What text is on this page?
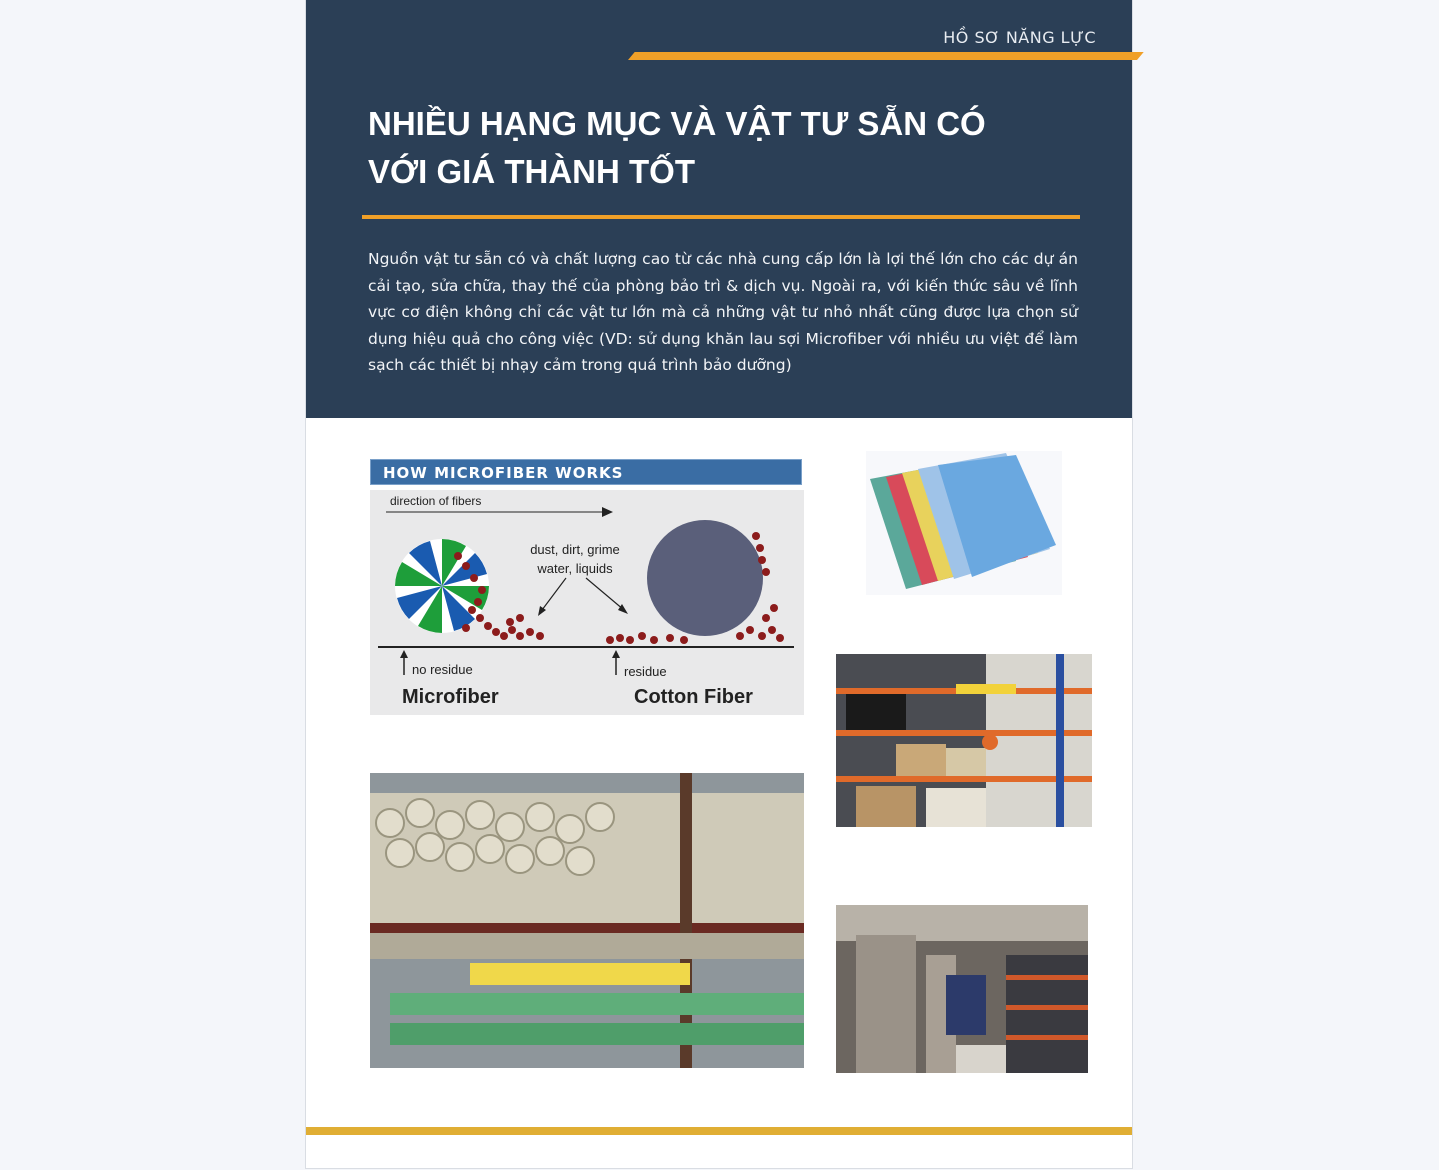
HỒ SƠ NĂNG LỰC
NHIỀU HẠNG MỤC VÀ VẬT TƯ SẴN CÓ
VỚI GIÁ THÀNH TỐT

Nguồn vật tư sẵn có và chất lượng cao từ các nhà cung cấp lớn là lợi thế lớn cho các dự án cải tạo, sửa chữa, thay thế của phòng bảo trì & dịch vụ. Ngoài ra, với kiến thức sâu về lĩnh vực cơ điện không chỉ các vật tư lớn mà cả những vật tư nhỏ nhất cũng được lựa chọn sử dụng hiệu quả cho công việc (VD: sử dụng khăn lau sợi Microfiber với nhiều ưu việt để làm sạch các thiết bị nhạy cảm trong quá trình bảo dưỡng)

HOW MICROFIBER WORKS
direction of fibers
dust, dirt, grime
water, liquids
no residue	residue
Microfiber	Cotton Fiber
